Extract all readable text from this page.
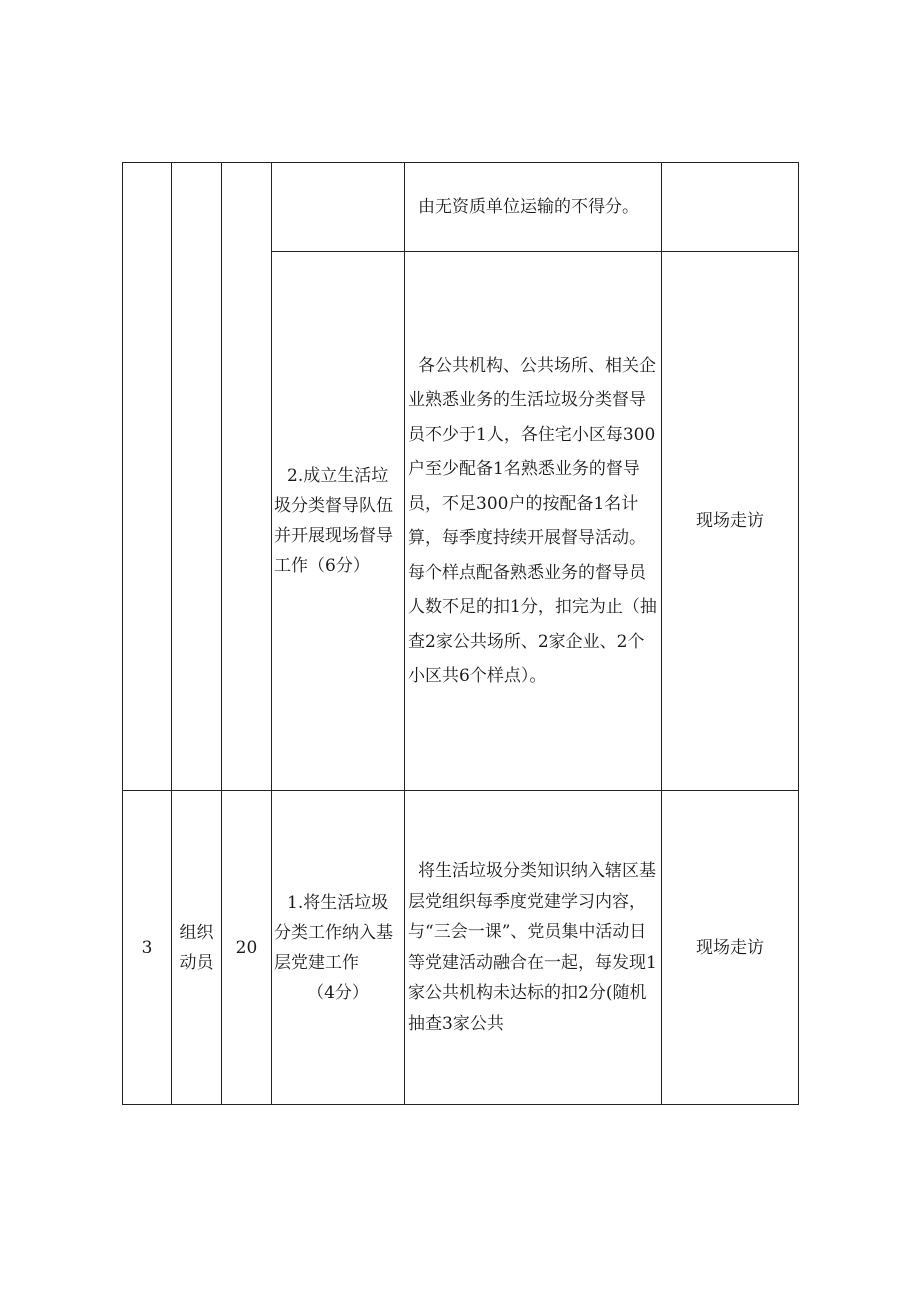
				由无资质单位运输的不得分。	

			2.成立生活垃圾分类督导队伍并开展现场督导工作（6分）	各公共机构、公共场所、相关企业熟悉业务的生活垃圾分类督导员不少于1人，各住宅小区每300户至少配备1名熟悉业务的督导员，不足300户的按配备1名计算，每季度持续开展督导活动。每个样点配备熟悉业务的督导员人数不足的扣1分，扣完为止（抽查2家公共场所、2家企业、2个小区共6个样点）。	现场走访
3	组织动员	20	1.将生活垃圾分类工作纳入基层党建工作
（4分）	将生活垃圾分类知识纳入辖区基层党组织每季度党建学习内容，与“三会一课”、党员集中活动日等党建活动融合在一起，每发现1家公共机构未达标的扣2分(随机抽查3家公共	现场走访
